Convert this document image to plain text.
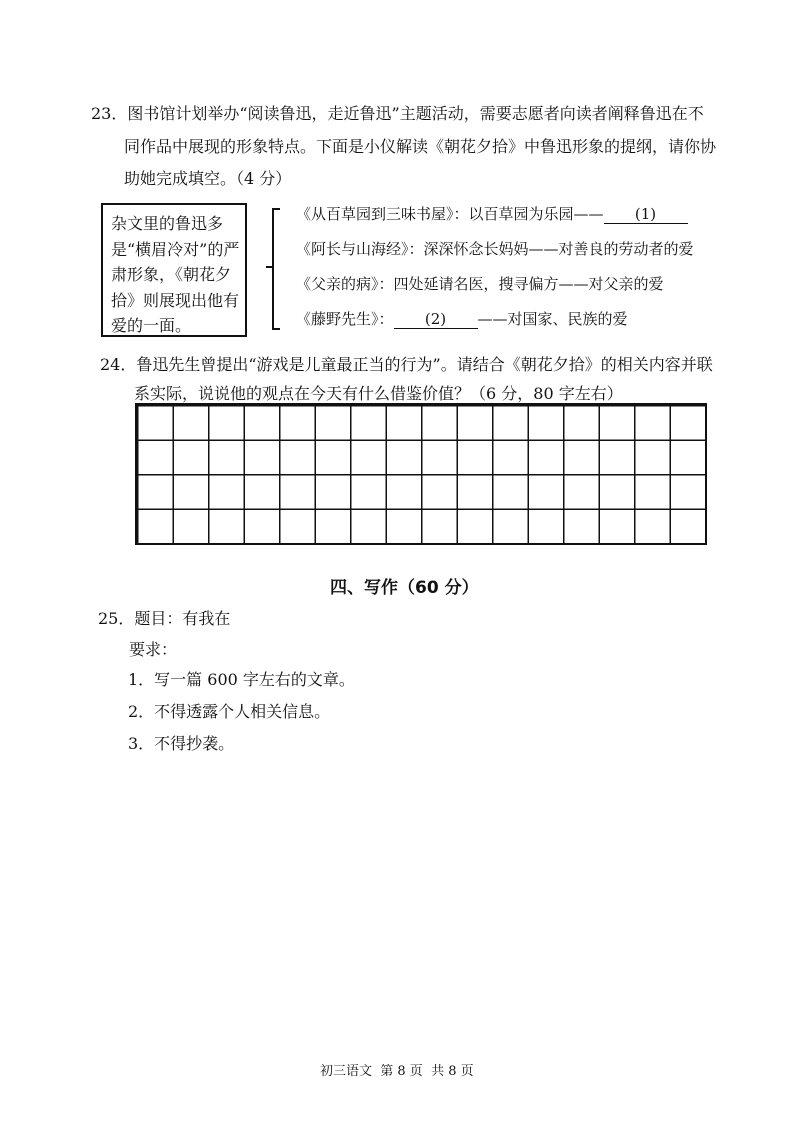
23．图书馆计划举办“阅读鲁迅，走近鲁迅”主题活动，需要志愿者向读者阐释鲁迅在不
同作品中展现的形象特点。下面是小仪解读《朝花夕拾》中鲁迅形象的提纲，请你协
助她完成填空。（4 分）
杂文里的鲁迅多是“横眉冷对”的严肃形象，《朝花夕拾》则展现出他有爱的一面。
《从百草园到三味书屋》：以百草园为乐园—— (1)
《阿长与山海经》：深深怀念长妈妈——对善良的劳动者的爱
《父亲的病》：四处延请名医，搜寻偏方——对父亲的爱
《藤野先生》： (2) ——对国家、民族的爱
24．鲁迅先生曾提出“游戏是儿童最正当的行为”。请结合《朝花夕拾》的相关内容并联
系实际，说说他的观点在今天有什么借鉴价值？（6 分，80 字左右）
四、写作（60 分）
25．题目：有我在
要求：
1．写一篇 600 字左右的文章。
2．不得透露个人相关信息。
3．不得抄袭。
初三语文  第 8 页  共 8 页
